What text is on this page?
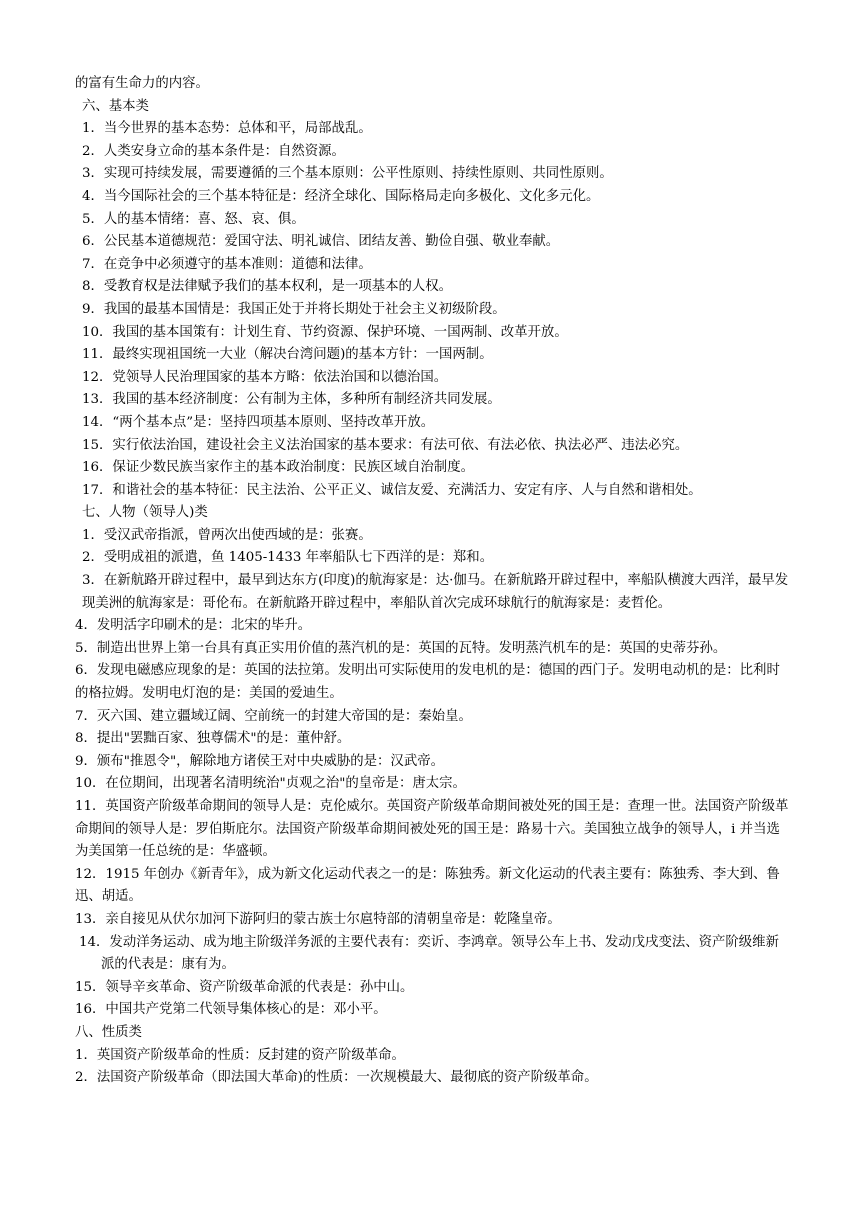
的富有生命力的内容。

六、基本类

1．当今世界的基本态势：总体和平，局部战乱。

2．人类安身立命的基本条件是：自然资源。

3．实现可持续发展，需要遵循的三个基本原则：公平性原则、持续性原则、共同性原则。

4．当今国际社会的三个基本特征是：经济全球化、国际格局走向多极化、文化多元化。

5．人的基本情绪：喜、怒、哀、俱。

6．公民基本道德规范：爱国守法、明礼诚信、团结友善、勤俭自强、敬业奉献。

7．在竞争中必须遵守的基本准则：道德和法律。

8．受教育权是法律赋予我们的基本权利，是一项基本的人权。

9．我国的最基本国情是：我国正处于并将长期处于社会主义初级阶段。

10．我国的基本国策有：计划生育、节约资源、保护环境、一国两制、改革开放。

11．最终实现祖国统一大业（解决台湾问题)的基本方针：一国两制。

12．党领导人民治理国家的基本方略：依法治国和以德治国。

13．我国的基本经济制度：公有制为主体，多种所有制经济共同发展。

14．“两个基本点”是：坚持四项基本原则、坚持改革开放。

15．实行依法治国，建设社会主义法治国家的基本要求：有法可依、有法必依、执法必严、违法必究。

16．保证少数民族当家作主的基本政治制度：民族区域自治制度。

17．和谐社会的基本特征：民主法治、公平正义、诚信友爱、充满活力、安定有序、人与自然和谐相处。

七、人物（领导人)类

1．受汉武帝指派，曾两次出使西域的是：张赛。

2．受明成祖的派遣，鱼 1405-1433 年率船队七下西洋的是：郑和。

3．在新航路开辟过程中，最早到达东方(印度)的航海家是：达·伽马。在新航路开辟过程中，率船队横渡大西洋，最早发现美洲的航海家是：哥伦布。在新航路开辟过程中，率船队首次完成环球航行的航海家是：麦哲伦。

4．发明活字印刷术的是：北宋的毕升。

5．制造出世界上第一台具有真正实用价值的蒸汽机的是：英国的瓦特。发明蒸汽机车的是：英国的史蒂芬孙。

6．发现电磁感应现象的是：英国的法拉第。发明出可实际使用的发电机的是：德国的西门子。发明电动机的是：比利时的格拉姆。发明电灯泡的是：美国的爱迪生。

7．灭六国、建立疆域辽阔、空前统一的封建大帝国的是：秦始皇。

8．提出"罢黜百家、独尊儒术"的是：董仲舒。

9．颁布"推恩令"，解除地方诸侯王对中央威胁的是：汉武帝。

10．在位期间，出现著名清明统治"贞观之治"的皇帝是：唐太宗。

11．英国资产阶级革命期间的领导人是：克伦威尔。英国资产阶级革命期间被处死的国王是：查理一世。法国资产阶级革命期间的领导人是：罗伯斯庇尔。法国资产阶级革命期间被处死的国王是：路易十六。美国独立战争的领导人，i 并当选为美国第一任总统的是：华盛顿。

12．1915 年创办《新青年》，成为新文化运动代表之一的是：陈独秀。新文化运动的代表主要有：陈独秀、李大到、鲁迅、胡适。

13．亲自接见从伏尔加河下游阿归的蒙古族士尔扈特部的清朝皇帝是：乾隆皇帝。

14．发动洋务运动、成为地主阶级洋务派的主要代表有：奕䜣、李鸿章。领导公车上书、发动戊戌变法、资产阶级维新派的代表是：康有为。

15．领导辛亥革命、资产阶级革命派的代表是：孙中山。

16．中国共产党第二代领导集体核心的是：邓小平。

八、性质类

1．英国资产阶级革命的性质：反封建的资产阶级革命。

2．法国资产阶级革命（即法国大革命)的性质：一次规模最大、最彻底的资产阶级革命。
